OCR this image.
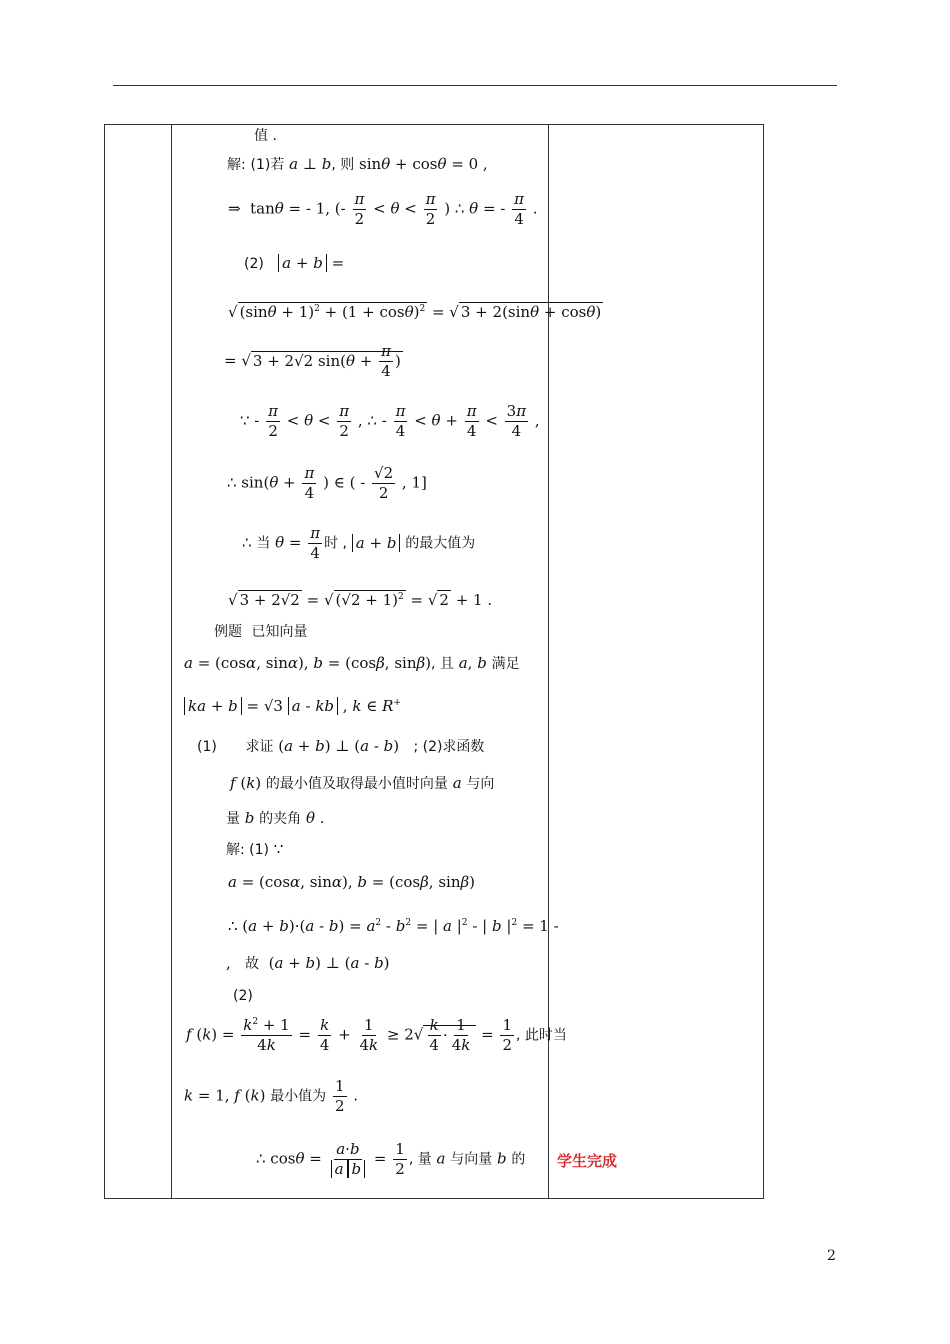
值 .
解: (1)若 a ⊥ b, 则 sinθ + cosθ = 0 ,
⇒  tanθ = - 1, (- $\frac{\pi}{2} < \theta < \frac{\pi}{2}$ ) ∴ θ = - $\frac{\pi}{4}$ .
(2) a + b =
√ $(\sin\theta + 1)^2 + (1 + \cos\theta)^2$ = √ 3 + 2(sinθ + cosθ)
= √ 3 + 2√2 $\sin(\theta + \frac{\pi}{4}$ )
∵ - $\frac{\pi}{2} < \theta < \frac{\pi}{2}$ , ∴ - $\frac{\pi}{4} < \theta + \frac{\pi}{4} < \frac{3\pi}{4}$ ,
∴ $\sin(\theta + \frac{\pi}{4}$ ) ∈ ( - $\frac{√2}{2}$ , 1]
∴ 当 $\theta = \frac{\pi}{4}$ 时 , a + b 的最大值为
√ 3 + 2√2 = √ $(√2 + 1)^2$ = √ 2 + 1 .
例题 已知向量
a = (cosα, sinα), b = (cosβ, sinβ), 且 a, b 满足
ka + b = √3 a - kb , k ∈ R+
(1) 求证 (a + b) ⊥ (a - b)   ; (2)求函数
f (k) 的最小值及取得最小值时向量 a 与向
量 b 的夹角 θ .
解: (1) ∵
a = (cosα, sinα), b = (cosβ, sinβ)
∴ $(a + b)\cdot(a - b) = a^2 - b^2$ = | a $|^2$ - | b $|^2 = 1$ -
,   故  (a + b) ⊥ (a - b)
(2)
f $(k) = \frac{k^2 + 1}{4k} = \frac{k}{4} + \frac{1}{4k} \ge 2√ \frac{k}{4} \cdot \frac{1}{4k} = \frac{1}{2}$ , 此时当
k = 1, f (k) 最小值为 $\frac{1}{2}$ .
∴ $\cos\theta = \frac{a\cdot b}{\text{a b}} = \frac{1}{2}$ , 量 a 与向量 b 的 学生完成
2
